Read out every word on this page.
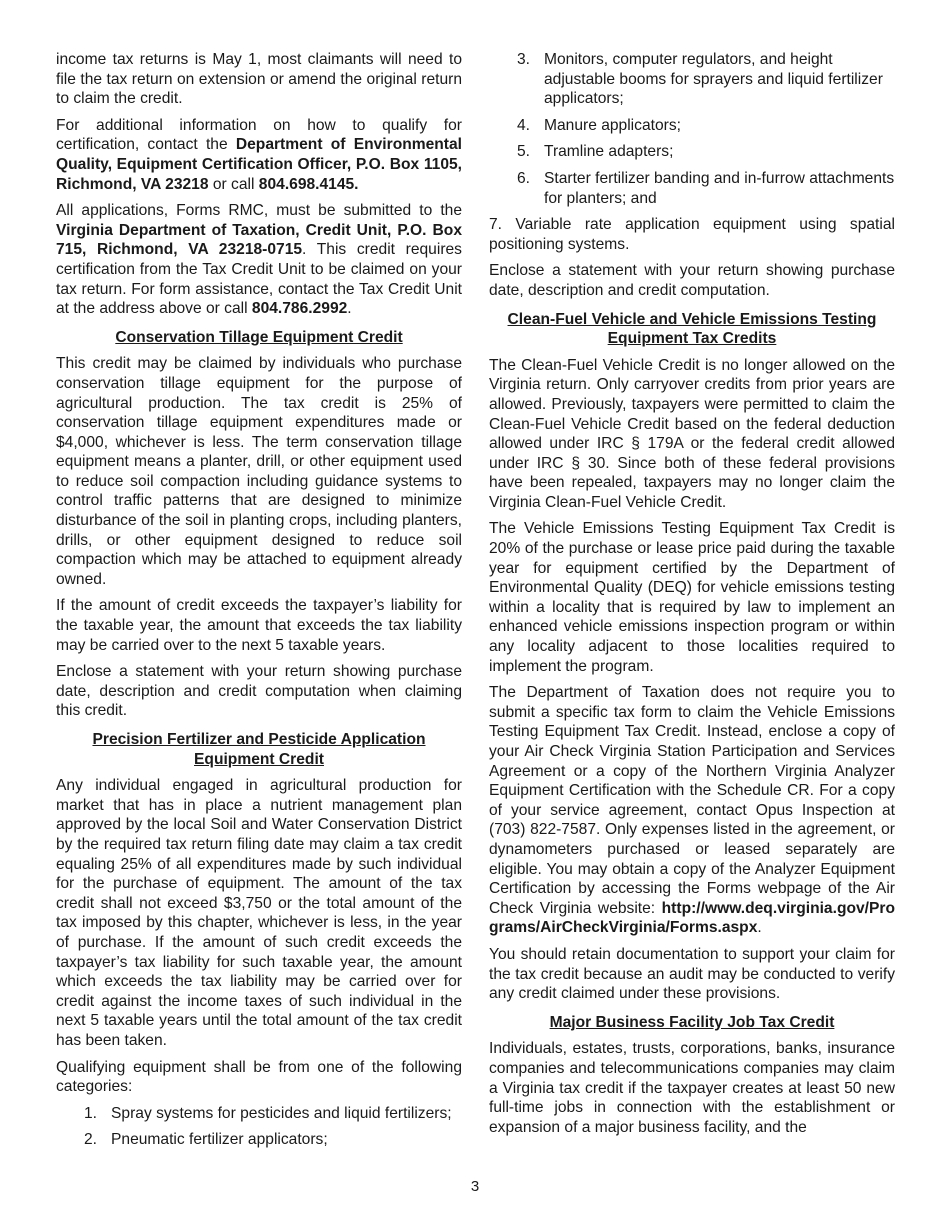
income tax returns is May 1, most claimants will need to file the tax return on extension or amend the original return to claim the credit.

For additional information on how to qualify for certification, contact the Department of Environmental Quality, Equipment Certification Officer, P.O. Box 1105, Richmond, VA 23218 or call 804.698.4145.

All applications, Forms RMC, must be submitted to the Virginia Department of Taxation, Credit Unit, P.O. Box 715, Richmond, VA 23218-0715. This credit requires certification from the Tax Credit Unit to be claimed on your tax return. For form assistance, contact the Tax Credit Unit at the address above or call 804.786.2992.

Conservation Tillage Equipment Credit

This credit may be claimed by individuals who purchase conservation tillage equipment for the purpose of agricultural production. The tax credit is 25% of conservation tillage equipment expenditures made or $4,000, whichever is less. The term conservation tillage equipment means a planter, drill, or other equipment used to reduce soil compaction including guidance systems to control traffic patterns that are designed to minimize disturbance of the soil in planting crops, including planters, drills, or other equipment designed to reduce soil compaction which may be attached to equipment already owned.

If the amount of credit exceeds the taxpayer’s liability for the taxable year, the amount that exceeds the tax liability may be carried over to the next 5 taxable years.

Enclose a statement with your return showing purchase date, description and credit computation when claiming this credit.

Precision Fertilizer and Pesticide Application Equipment Credit

Any individual engaged in agricultural production for market that has in place a nutrient management plan approved by the local Soil and Water Conservation District by the required tax return filing date may claim a tax credit equaling 25% of all expenditures made by such individual for the purchase of equipment. The amount of the tax credit shall not exceed $3,750 or the total amount of the tax imposed by this chapter, whichever is less, in the year of purchase. If the amount of such credit exceeds the taxpayer’s tax liability for such taxable year, the amount which exceeds the tax liability may be carried over for credit against the income taxes of such individual in the next 5 taxable years until the total amount of the tax credit has been taken.

Qualifying equipment shall be from one of the following categories:

1. Spray systems for pesticides and liquid fertilizers;
2. Pneumatic fertilizer applicators;
3. Monitors, computer regulators, and height adjustable booms for sprayers and liquid fertilizer applicators;
4. Manure applicators;
5. Tramline adapters;
6. Starter fertilizer banding and in-furrow attachments for planters; and

7. Variable rate application equipment using spatial positioning systems.

Enclose a statement with your return showing purchase date, description and credit computation.

Clean-Fuel Vehicle and Vehicle Emissions Testing Equipment Tax Credits

The Clean-Fuel Vehicle Credit is no longer allowed on the Virginia return. Only carryover credits from prior years are allowed. Previously, taxpayers were permitted to claim the Clean-Fuel Vehicle Credit based on the federal deduction allowed under IRC § 179A or the federal credit allowed under IRC § 30. Since both of these federal provisions have been repealed, taxpayers may no longer claim the Virginia Clean-Fuel Vehicle Credit.

The Vehicle Emissions Testing Equipment Tax Credit is 20% of the purchase or lease price paid during the taxable year for equipment certified by the Department of Environmental Quality (DEQ) for vehicle emissions testing within a locality that is required by law to implement an enhanced vehicle emissions inspection program or within any locality adjacent to those localities required to implement the program.

The Department of Taxation does not require you to submit a specific tax form to claim the Vehicle Emissions Testing Equipment Tax Credit. Instead, enclose a copy of your Air Check Virginia Station Participation and Services Agreement or a copy of the Northern Virginia Analyzer Equipment Certification with the Schedule CR. For a copy of your service agreement, contact Opus Inspection at (703) 822-7587. Only expenses listed in the agreement, or dynamometers purchased or leased separately are eligible. You may obtain a copy of the Analyzer Equipment Certification by accessing the Forms webpage of the Air Check Virginia website: http://www.deq.virginia.gov/Programs/AirCheckVirginia/Forms.aspx.

You should retain documentation to support your claim for the tax credit because an audit may be conducted to verify any credit claimed under these provisions.

Major Business Facility Job Tax Credit

Individuals, estates, trusts, corporations, banks, insurance companies and telecommunications companies may claim a Virginia tax credit if the taxpayer creates at least 50 new full-time jobs in connection with the establishment or expansion of a major business facility, and the

3
